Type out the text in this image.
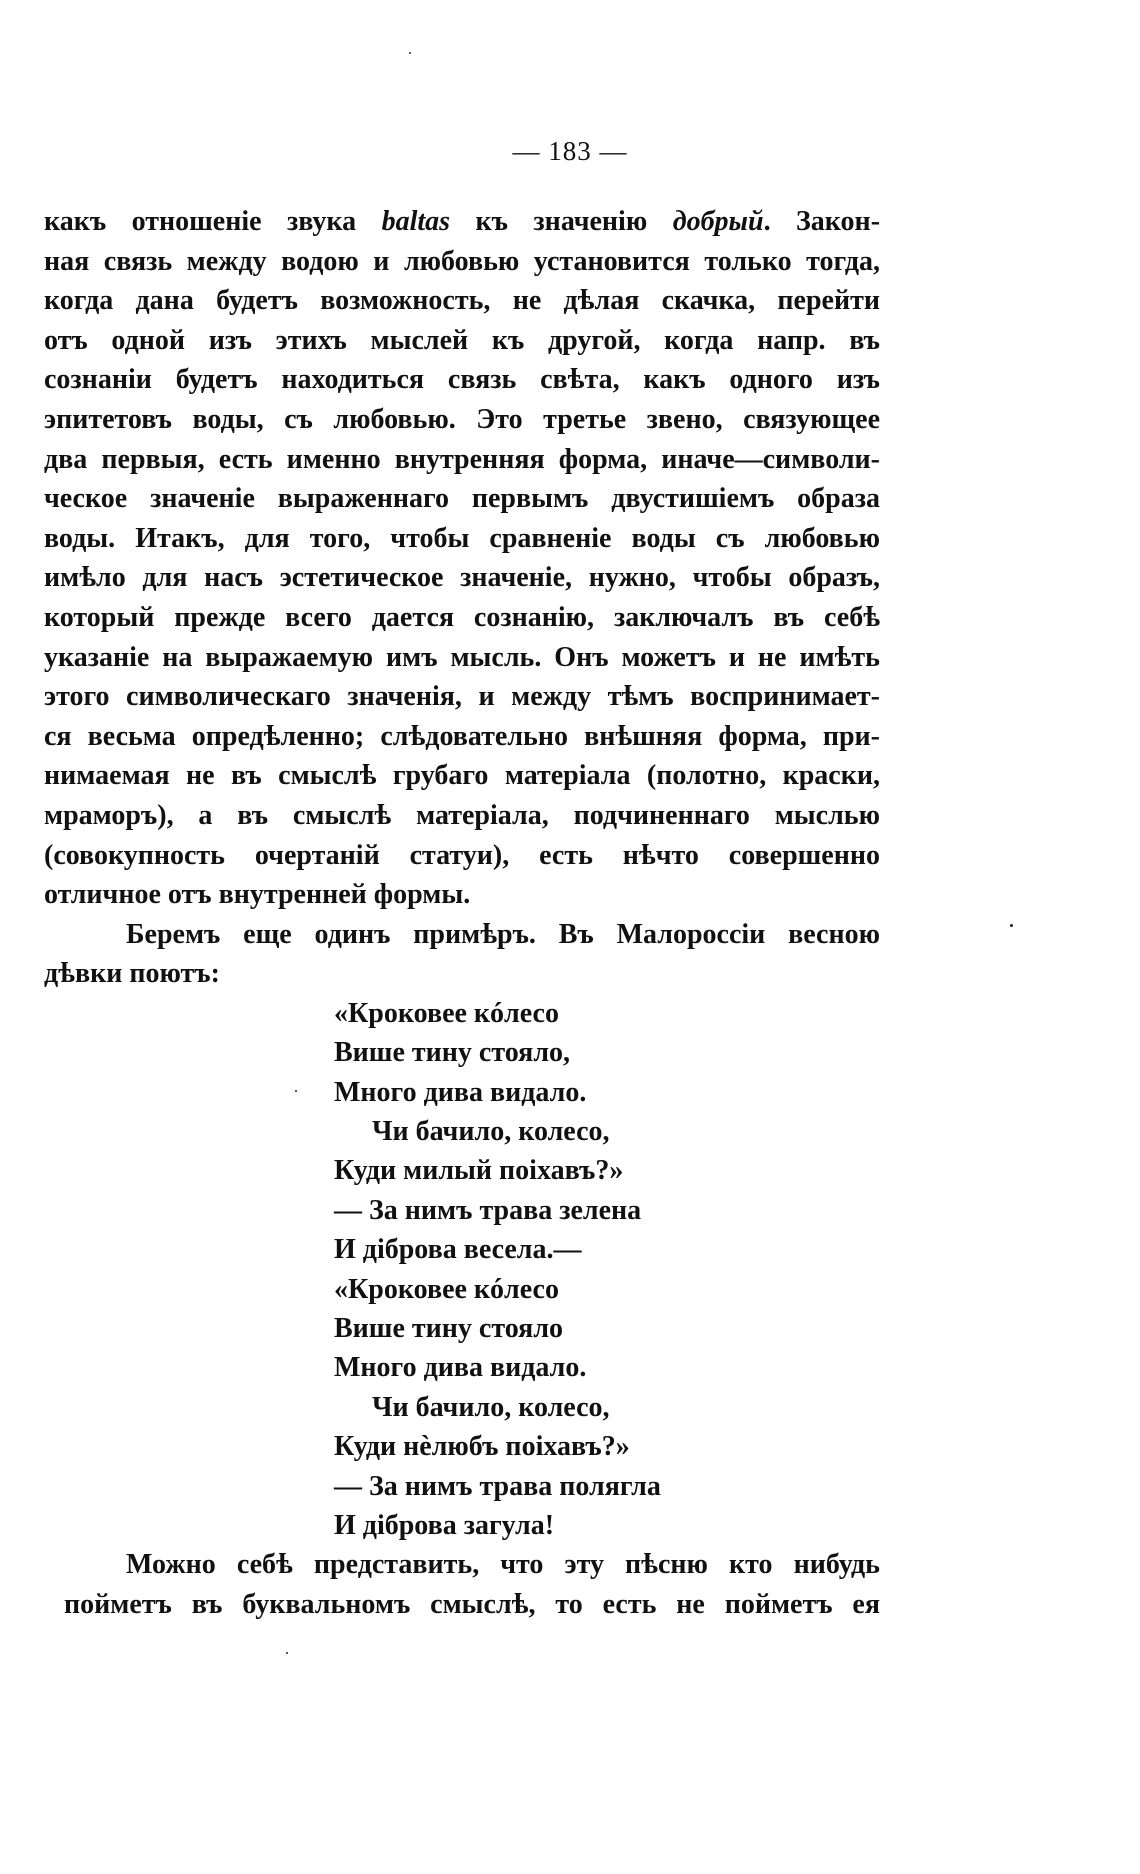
— 183 —
какъ отношеніе звука baltas къ значенію добрый. Закон-
ная связь между водою и любовью установится только тогда,
когда дана будетъ возможность, не дѣлая скачка, перейти
отъ одной изъ этихъ мыслей къ другой, когда напр. въ
сознаніи будетъ находиться связь свѣта, какъ одного изъ
эпитетовъ воды, съ любовью. Это третье звено, связующее
два первыя, есть именно внутренняя форма, иначе—символи-
ческое значеніе выраженнаго первымъ двустишіемъ образа
воды. Итакъ, для того, чтобы сравненіе воды съ любовью
имѣло для насъ эстетическое значеніе, нужно, чтобы образъ,
который прежде всего дается сознанію, заключалъ въ себѣ
указаніе на выражаемую имъ мысль. Онъ можетъ и не имѣть
этого символическаго значенія, и между тѣмъ воспринимает-
ся весьма опредѣленно; слѣдовательно внѣшняя форма, при-
нимаемая не въ смыслѣ грубаго матеріала (полотно, краски,
мраморъ), а въ смыслѣ матеріала, подчиненнаго мыслью
(совокупность очертаній статуи), есть нѣчто совершенно
отличное отъ внутренней формы.
Беремъ еще одинъ примѣръ. Въ Малороссіи весною
дѣвки поютъ:
«Кроковее кóлесо
Више тину стояло,
Много дива видало.
Чи бачило, колесо,
Куди милый поіхавъ?»
— За нимъ трава зелена
И діброва весела.—
«Кроковее кóлесо
Више тину стояло
Много дива видало.
Чи бачило, колесо,
Куди нѐлюбъ поіхавъ?»
— За нимъ трава полягла
И діброва загула!
Можно себѣ представить, что эту пѣсню кто нибудь
пойметъ въ буквальномъ смыслѣ, то есть не пойметъ ея
